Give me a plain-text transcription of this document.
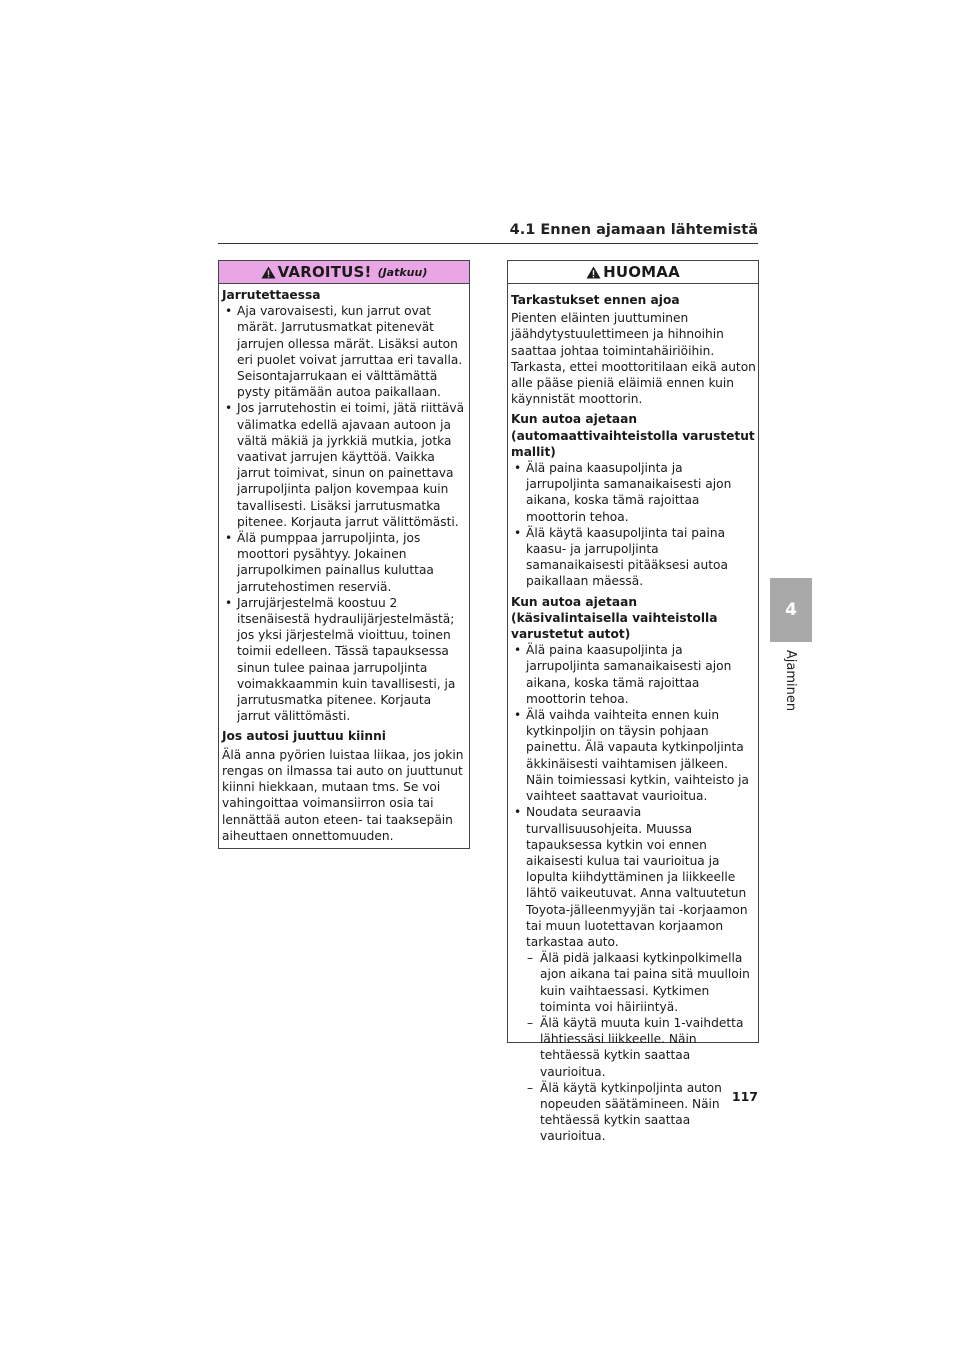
4.1 Ennen ajamaan lähtemistä
VAROITUS! (Jatkuu)
Jarrutettaessa
• Aja varovaisesti, kun jarrut ovat märät. Jarrutusmatkat pitenevät jarrujen ollessa märät. Lisäksi auton eri puolet voivat jarruttaa eri tavalla. Seisontajarrukaan ei välttämättä pysty pitämään autoa paikallaan.
• Jos jarrutehostin ei toimi, jätä riittävä välimatka edellä ajavaan autoon ja vältä mäkiä ja jyrkkiä mutkia, jotka vaativat jarrujen käyttöä. Vaikka jarrut toimivat, sinun on painettava jarrupoljinta paljon kovempaa kuin tavallisesti. Lisäksi jarrutusmatka pitenee. Korjauta jarrut välittömästi.
• Älä pumppaa jarrupoljinta, jos moottori pysähtyy. Jokainen jarrupolkimen painallus kuluttaa jarrutehostimen reserviä.
• Jarrujärjestelmä koostuu 2 itsenäisestä hydraulijärjestelmästä; jos yksi järjestelmä vioittuu, toinen toimii edelleen. Tässä tapauksessa sinun tulee painaa jarrupoljinta voimakkaammin kuin tavallisesti, ja jarrutusmatka pitenee. Korjauta jarrut välittömästi.
Jos autosi juuttuu kiinni

Älä anna pyörien luistaa liikaa, jos jokin rengas on ilmassa tai auto on juuttunut kiinni hiekkaan, mutaan tms. Se voi vahingoittaa voimansiirron osia tai lennättää auton eteen- tai taaksepäin aiheuttaen onnettomuuden.

HUOMAA
Tarkastukset ennen ajoa

Pienten eläinten juuttuminen jäähdytystuulettimeen ja hihnoihin saattaa johtaa toimintahäiriöihin. Tarkasta, ettei moottoritilaan eikä auton alle pääse pieniä eläimiä ennen kuin käynnistät moottorin.

Kun autoa ajetaan (automaattivaihteistolla varustetut mallit)
• Älä paina kaasupoljinta ja jarrupoljinta samanaikaisesti ajon aikana, koska tämä rajoittaa moottorin tehoa.
• Älä käytä kaasupoljinta tai paina kaasu- ja jarrupoljinta samanaikaisesti pitääksesi autoa paikallaan mäessä.
Kun autoa ajetaan (käsivalintaisella vaihteistolla varustetut autot)
• Älä paina kaasupoljinta ja jarrupoljinta samanaikaisesti ajon aikana, koska tämä rajoittaa moottorin tehoa.
• Älä vaihda vaihteita ennen kuin kytkinpoljin on täysin pohjaan painettu. Älä vapauta kytkinpoljinta äkkinäisesti vaihtamisen jälkeen. Näin toimiessasi kytkin, vaihteisto ja vaihteet saattavat vaurioitua.
• Noudata seuraavia turvallisuusohjeita. Muussa tapauksessa kytkin voi ennen aikaisesti kulua tai vaurioitua ja lopulta kiihdyttäminen ja liikkeelle lähtö vaikeutuvat. Anna valtuutetun Toyota-jälleenmyyjän tai -korjaamon tai muun luotettavan korjaamon tarkastaa auto.
– Älä pidä jalkaasi kytkinpolkimella ajon aikana tai paina sitä muulloin kuin vaihtaessasi. Kytkimen toiminta voi häiriintyä.
– Älä käytä muuta kuin 1-vaihdetta lähtiessäsi liikkeelle. Näin tehtäessä kytkin saattaa vaurioitua.
– Älä käytä kytkinpoljinta auton nopeuden säätämineen. Näin tehtäessä kytkin saattaa vaurioitua.
4
Ajaminen
117
